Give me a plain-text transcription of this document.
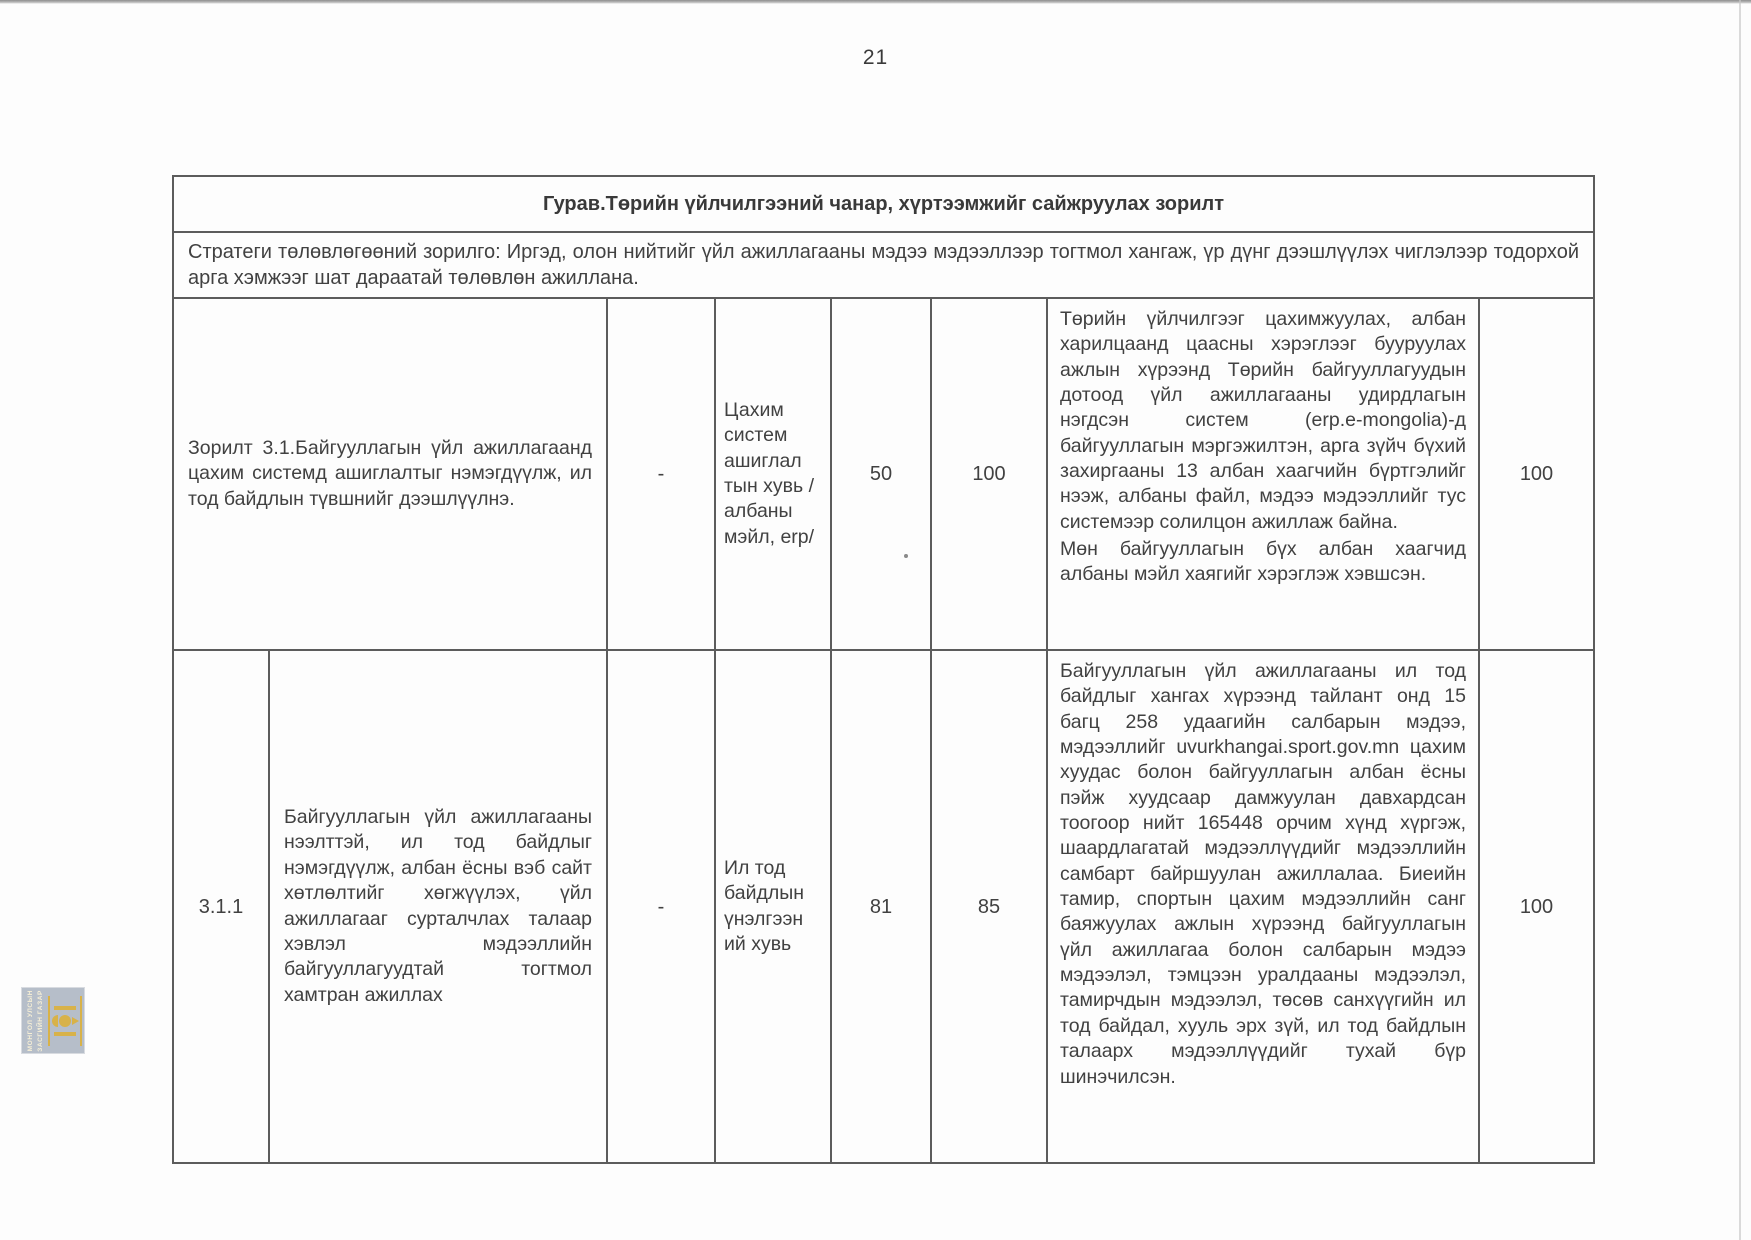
21
МОНГОЛ УЛСЫН ЗАСГИЙН ГАЗАР
Гурав.Төрийн үйлчилгээний чанар, хүртээмжийг сайжруулах зорилт							
Стратеги төлөвлөгөөний зорилго: Иргэд, олон нийтийг үйл ажиллагааны мэдээ мэдээллээр тогтмол хангаж, үр дүнг дээшлүүлэх чиглэлээр тодорхой арга хэмжээг шат дараатай төлөвлөн ажиллана.							
Зорилт 3.1.Байгууллагын үйл ажиллагаанд цахим системд ашиглалтыг нэмэгдүүлж, ил тод байдлын түвшнийг дээшлүүлнэ.		-	Цахим систем ашиглал тын хувь /албаны мэйл, erp/	50	100	Төрийн үйлчилгээг цахимжуулах, албан харилцаанд цаасны хэрэглээг бууруулах ажлын хүрээнд Төрийн байгууллагуудын дотоод үйл ажиллагааны удирдлагын нэгдсэн систем (erp.e-mongolia)-д байгууллагын мэргэжилтэн, арга зүйч бүхий захиргааны 13 албан хаагчийн бүртгэлийг нээж, албаны файл, мэдээ мэдээллийг тус системээр солилцон ажиллаж байна.

Мөн байгууллагын бүх албан хаагчид албаны мэйл хаягийг хэрэглэж хэвшсэн.	100
3.1.1	Байгууллагын үйл ажиллагааны нээлттэй, ил тод байдлыг нэмэгдүүлж, албан ёсны вэб сайт хөтлөлтийг хөгжүүлэх, үйл ажиллагааг сурталчлах талаар хэвлэл мэдээллийн байгууллагуудтай тогтмол хамтран ажиллах	-	Ил тод байдлын үнэлгээн ий хувь	81	85	Байгууллагын үйл ажиллагааны ил тод байдлыг хангах хүрээнд тайлант онд 15 багц 258 удаагийн салбарын мэдээ, мэдээллийг uvurkhangai.sport.gov.mn цахим хуудас болон байгууллагын албан ёсны пэйж хуудсаар дамжуулан давхардсан тоогоор нийт 165448 орчим хүнд хүргэж, шаардлагатай мэдээллүүдийг мэдээллийн самбарт байршуулан ажиллалаа. Биеийн тамир, спортын цахим мэдээллийн санг баяжуулах ажлын хүрээнд байгууллагын үйл ажиллагаа болон салбарын мэдээ мэдээлэл, тэмцээн уралдааны мэдээлэл, тамирчдын мэдээлэл, төсөв санхүүгийн ил тод байдал, хууль эрх зүй, ил тод байдлын талаарх мэдээллүүдийг тухай бүр шинэчилсэн.	100
